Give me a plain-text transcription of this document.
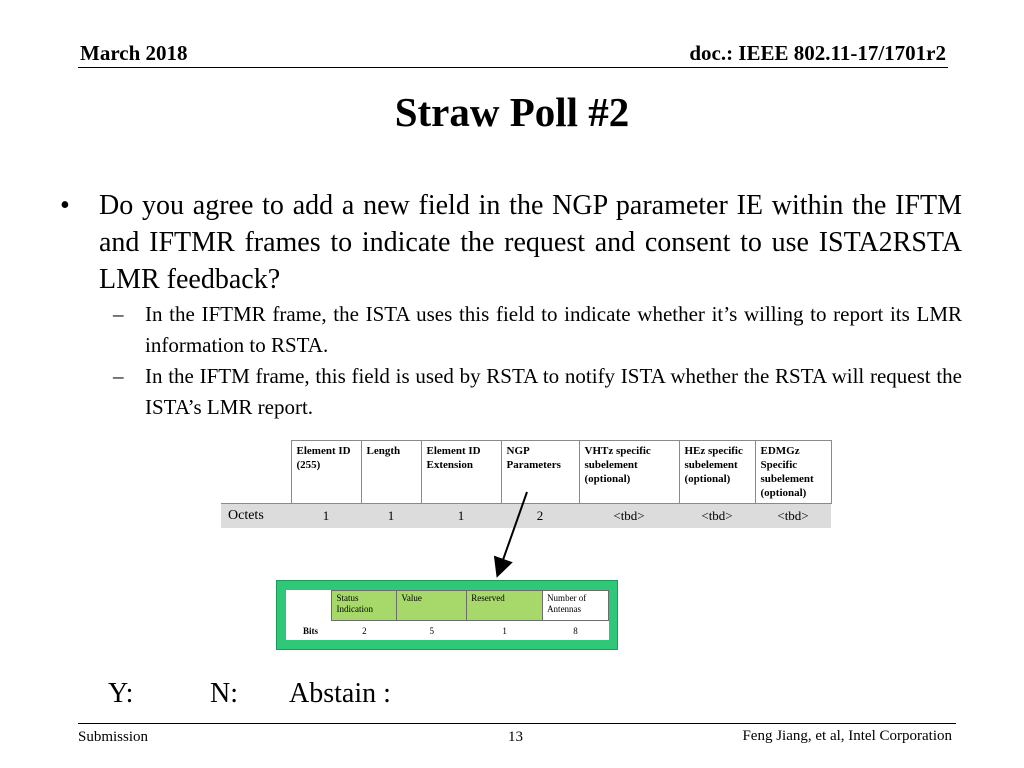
March 2018	doc.: IEEE 802.11-17/1701r2
Straw Poll #2
• Do you agree to add a new field in the NGP parameter IE within the IFTM and IFTMR frames to indicate the request and consent to use ISTA2RSTA LMR feedback?
– In the IFTMR frame, the ISTA uses this field to indicate whether it’s willing to report its LMR information to RSTA.
– In the IFTM frame, this field is used by RSTA to notify ISTA whether the RSTA will request the ISTA’s LMR report.
	Element ID (255)	Length	Element ID Extension	NGP Parameters	VHTz specific subelement (optional)	HEz specific subelement (optional)	EDMGz Specific subelement (optional)
Octets	1	1	1	2	<tbd>	<tbd>	<tbd>
	Status Indication	Value	Reserved	Number of Antennas
Bits	2	5	1	8
Y:	N: Abstain :
Submission	13	Feng Jiang, et al, Intel Corporation
